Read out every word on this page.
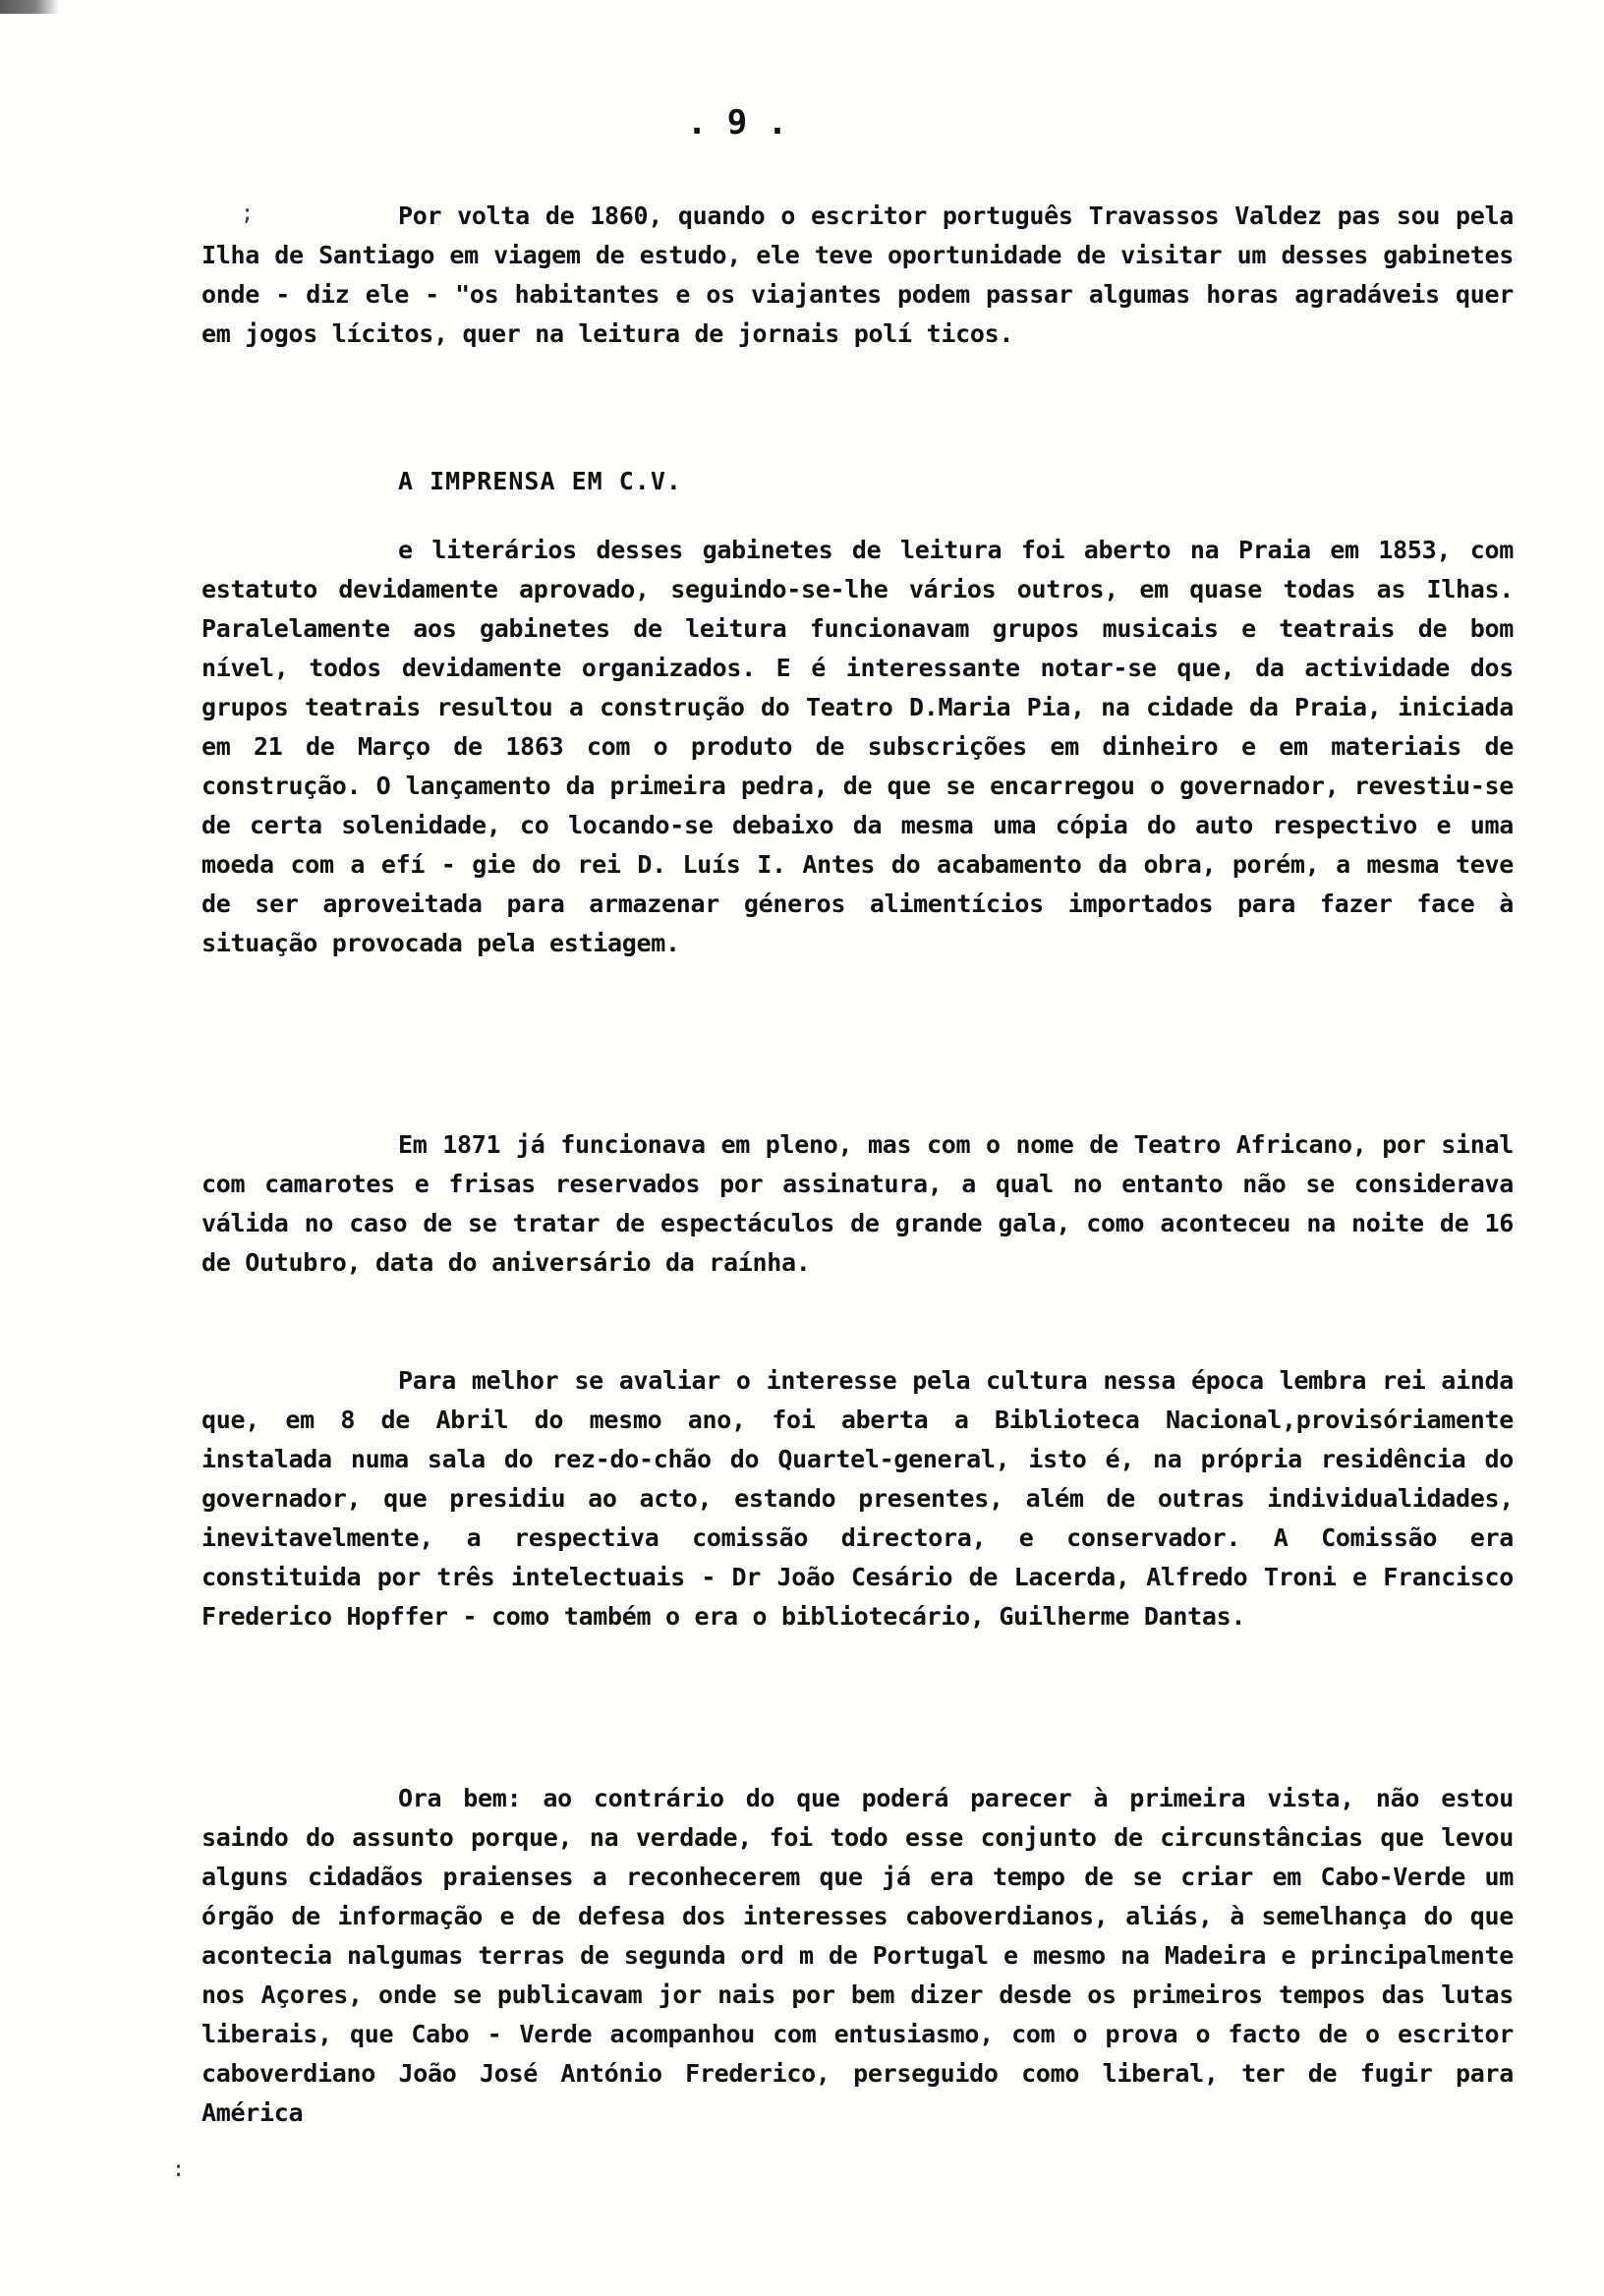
. 9 .

Por volta de 1860, quando o escritor português Travassos Valdez pas sou pela Ilha de Santiago em viagem de estudo, ele teve oportunidade de visitar um desses gabinetes onde - diz ele - "os habitantes e os viajantes podem passar algumas horas agradáveis quer em jogos lícitos, quer na leitura de jornais polí ticos.

A IMPRENSA EM C.V.

e literários desses gabinetes de leitura foi aberto na Praia em 1853, com estatuto devidamente aprovado, seguindo-se-lhe vários outros, em quase todas as Ilhas. Paralelamente aos gabinetes de leitura funcionavam grupos musicais e teatrais de bom nível, todos devidamente organizados. E é interessante notar-se que, da actividade dos grupos teatrais resultou a construção do Teatro D.Maria Pia, na cidade da Praia, iniciada em 21 de Março de 1863 com o produto de subscrições em dinheiro e em materiais de construção. O lançamento da primeira pedra, de que se encarregou o governador, revestiu-se de certa solenidade, co locando-se debaixo da mesma uma cópia do auto respectivo e uma moeda com a efí - gie do rei D. Luís I. Antes do acabamento da obra, porém, a mesma teve de ser aproveitada para armazenar géneros alimentícios importados para fazer face à situação provocada pela estiagem.

Em 1871 já funcionava em pleno, mas com o nome de Teatro Africano, por sinal com camarotes e frisas reservados por assinatura, a qual no entanto não se considerava válida no caso de se tratar de espectáculos de grande gala, como aconteceu na noite de 16 de Outubro, data do aniversário da raínha.

Para melhor se avaliar o interesse pela cultura nessa época lembra rei ainda que, em 8 de Abril do mesmo ano, foi aberta a Biblioteca Nacional,provisóriamente instalada numa sala do rez-do-chão do Quartel-general, isto é, na própria residência do governador, que presidiu ao acto, estando presentes, além de outras individualidades, inevitavelmente, a respectiva comissão directora, e conservador. A Comissão era constituida por três intelectuais - Dr João Cesário de Lacerda, Alfredo Troni e Francisco Frederico Hopffer - como também o era o bibliotecário, Guilherme Dantas.

Ora bem: ao contrário do que poderá parecer à primeira vista, não estou saindo do assunto porque, na verdade, foi todo esse conjunto de circunstâncias que levou alguns cidadãos praienses a reconhecerem que já era tempo de se criar em Cabo-Verde um órgão de informação e de defesa dos interesses caboverdianos, aliás, à semelhança do que acontecia nalgumas terras de segunda ord m de Portugal e mesmo na Madeira e principalmente nos Açores, onde se publicavam jor nais por bem dizer desde os primeiros tempos das lutas liberais, que Cabo - Verde acompanhou com entusiasmo, com o prova o facto de o escritor caboverdiano João José António Frederico, perseguido como liberal, ter de fugir para América

;
:
